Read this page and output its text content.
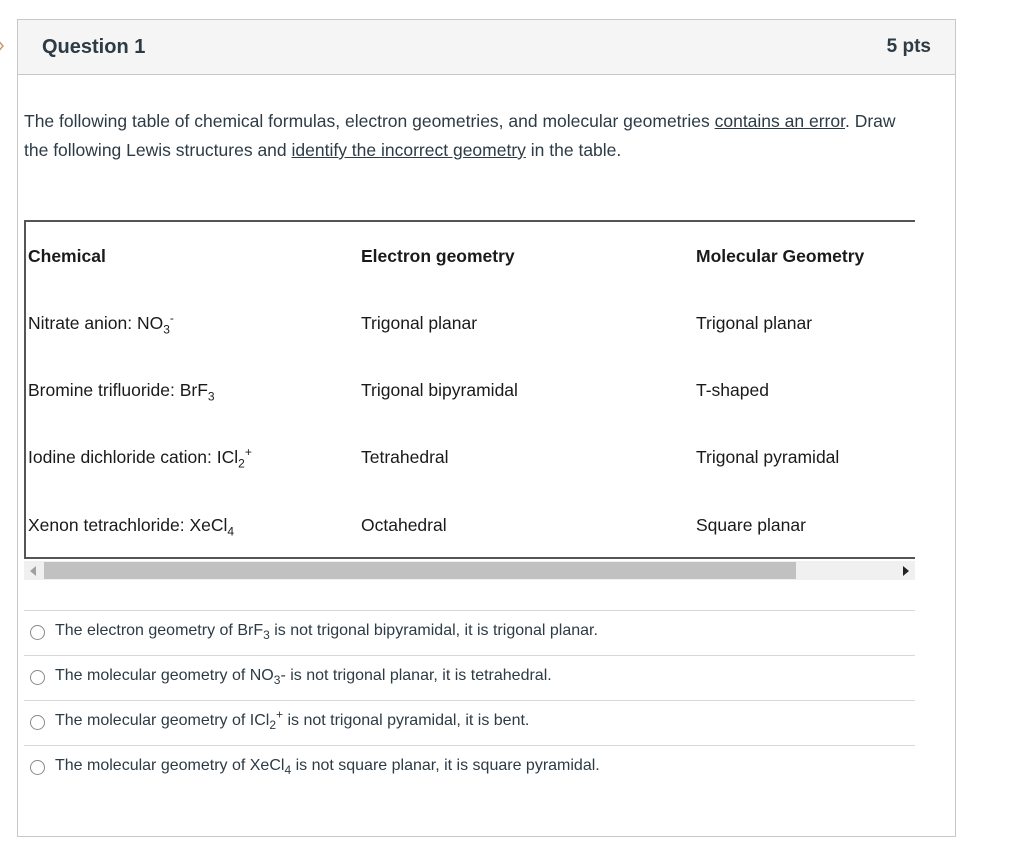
Question 1	5 pts
The following table of chemical formulas, electron geometries, and molecular geometries contains an error. Draw the following Lewis structures and identify the incorrect geometry in the table.
Chemical	Electron geometry	Molecular Geometry
Nitrate anion: $NO_3^-$	Trigonal planar	Trigonal planar
Bromine trifluoride: BrF$_3$	Trigonal bipyramidal	T-shaped
Iodine dichloride cation: ICl$_2$+	Tetrahedral	Trigonal pyramidal
Xenon tetrachloride: XeCl$_4$	Octahedral	Square planar
The electron geometry of BrF$_3$ is not trigonal bipyramidal, it is trigonal planar.
The molecular geometry of $NO_3-$ is not trigonal planar, it is tetrahedral.
The molecular geometry of ICl$_2$+ is not trigonal pyramidal, it is bent.
The molecular geometry of XeCl$_4$ is not square planar, it is square pyramidal.
